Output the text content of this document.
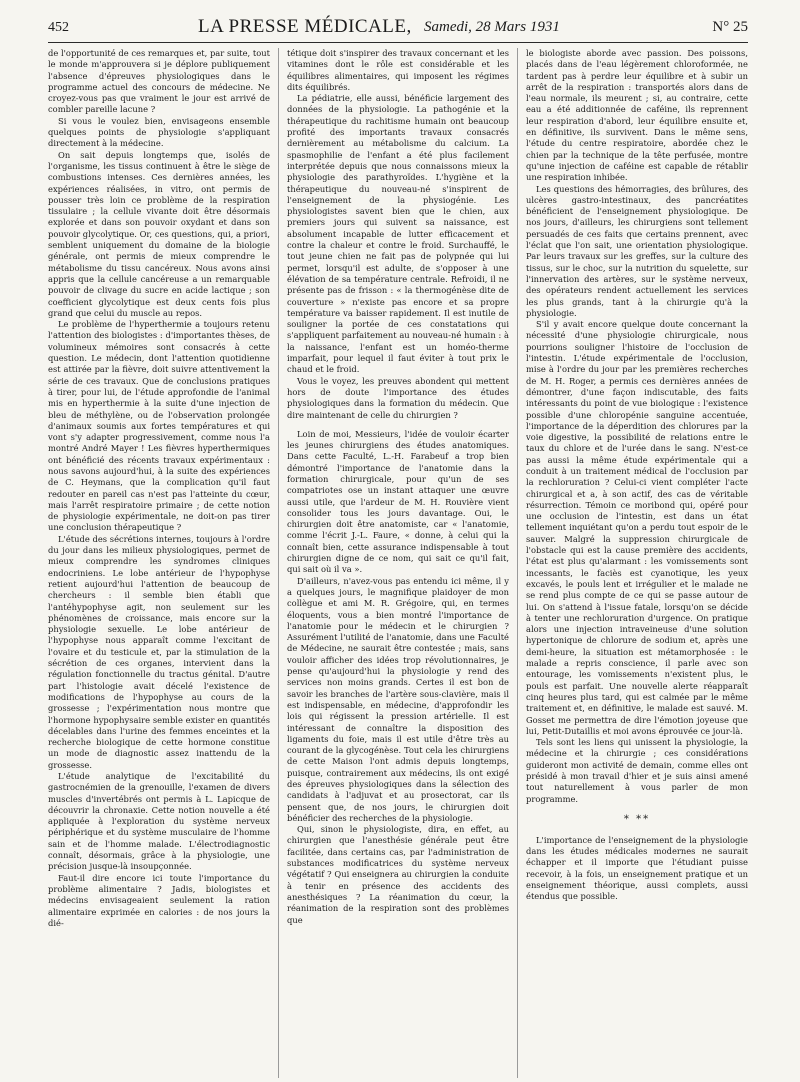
452	LA PRESSE MÉDICALE, Samedi, 28 Mars 1931	N° 25

de l'opportunité de ces remarques et, par suite, tout le monde m'approuvera si je déplore publiquement l'absence d'épreuves physiologiques dans le programme actuel des concours de médecine. Ne croyez-vous pas que vraiment le jour est arrivé de combler pareille lacune ?

Si vous le voulez bien, envisageons ensemble quelques points de physiologie s'appliquant directement à la médecine.

On sait depuis longtemps que, isolés de l'organisme, les tissus continuent à être le siège de combustions intenses. Ces dernières années, les expériences réalisées, in vitro, ont permis de pousser très loin ce problème de la respiration tissulaire ; la cellule vivante doit être désormais explorée et dans son pouvoir oxydant et dans son pouvoir glycolytique. Or, ces questions, qui, a priori, semblent uniquement du domaine de la biologie générale, ont permis de mieux comprendre le métabolisme du tissu cancéreux. Nous avons ainsi appris que la cellule cancéreuse a un remarquable pouvoir de clivage du sucre en acide lactique ; son coefficient glycolytique est deux cents fois plus grand que celui du muscle au repos.

Le problème de l'hyperthermie a toujours retenu l'attention des biologistes : d'importantes thèses, de volumineux mémoires sont consacrés à cette question. Le médecin, dont l'attention quotidienne est attirée par la fièvre, doit suivre attentivement la série de ces travaux. Que de conclusions pratiques à tirer, pour lui, de l'étude approfondie de l'animal mis en hyperthermie à la suite d'une injection de bleu de méthylène, ou de l'observation prolongée d'animaux soumis aux fortes températures et qui vont s'y adapter progressivement, comme nous l'a montré André Mayer ! Les fièvres hyperthermiques ont bénéficié des récents travaux expérimentaux : nous savons aujourd'hui, à la suite des expériences de C. Heymans, que la complication qu'il faut redouter en pareil cas n'est pas l'atteinte du cœur, mais l'arrêt respiratoire primaire ; de cette notion de physiologie expérimentale, ne doit-on pas tirer une conclusion thérapeutique ?

L'étude des sécrétions internes, toujours à l'ordre du jour dans les milieux physiologiques, permet de mieux comprendre les syndromes cliniques endocriniens. Le lobe antérieur de l'hypophyse retient aujourd'hui l'attention de beaucoup de chercheurs : il semble bien établi que l'antéhypophyse agit, non seulement sur les phénomènes de croissance, mais encore sur la physiologie sexuelle. Le lobe antérieur de l'hypophyse nous apparaît comme l'excitant de l'ovaire et du testicule et, par la stimulation de la sécrétion de ces organes, intervient dans la régulation fonctionnelle du tractus génital. D'autre part l'histologie avait décelé l'existence de modifications de l'hypophyse au cours de la grossesse ; l'expérimentation nous montre que l'hormone hypophysaire semble exister en quantités décelables dans l'urine des femmes enceintes et la recherche biologique de cette hormone constitue un mode de diagnostic assez inattendu de la grossesse.

L'étude analytique de l'excitabilité du gastrocnémien de la grenouille, l'examen de divers muscles d'invertébrés ont permis à L. Lapicque de découvrir la chronaxie. Cette notion nouvelle a été appliquée à l'exploration du système nerveux périphérique et du système musculaire de l'homme sain et de l'homme malade. L'électrodiagnostic connaît, désormais, grâce à la physiologie, une précision jusque-là insoupçonnée.

Faut-il dire encore ici toute l'importance du problème alimentaire ? Jadis, biologistes et médecins envisageaient seulement la ration alimentaire exprimée en calories : de nos jours la dié-

tétique doit s'inspirer des travaux concernant et les vitamines dont le rôle est considérable et les équilibres alimentaires, qui imposent les régimes dits équilibrés.

La pédiatrie, elle aussi, bénéficie largement des données de la physiologie. La pathogénie et la thérapeutique du rachitisme humain ont beaucoup profité des importants travaux consacrés dernièrement au métabolisme du calcium. La spasmophilie de l'enfant a été plus facilement interprétée depuis que nous connaissons mieux la physiologie des parathyroïdes. L'hygiène et la thérapeutique du nouveau-né s'inspirent de l'enseignement de la physiogénie. Les physiologistes savent bien que le chien, aux premiers jours qui suivent sa naissance, est absolument incapable de lutter efficacement et contre la chaleur et contre le froid. Surchauffé, le tout jeune chien ne fait pas de polypnée qui lui permet, lorsqu'il est adulte, de s'opposer à une élévation de sa température centrale. Refroidi, il ne présente pas de frisson : « la thermogénèse dite de couverture » n'existe pas encore et sa propre température va baisser rapidement. Il est inutile de souligner la portée de ces constatations qui s'appliquent parfaitement au nouveau-né humain : à la naissance, l'enfant est un homéo-therme imparfait, pour lequel il faut éviter à tout prix le chaud et le froid.

Vous le voyez, les preuves abondent qui mettent hors de doute l'importance des études physiologiques dans la formation du médecin. Que dire maintenant de celle du chirurgien ?

Loin de moi, Messieurs, l'idée de vouloir écarter les jeunes chirurgiens des études anatomiques. Dans cette Faculté, L.-H. Farabeuf a trop bien démontré l'importance de l'anatomie dans la formation chirurgicale, pour qu'un de ses compatriotes ose un instant attaquer une œuvre aussi utile, que l'ardeur de M. H. Rouvière vient consolider tous les jours davantage. Oui, le chirurgien doit être anatomiste, car « l'anatomie, comme l'écrit J.-L. Faure, « donne, à celui qui la connaît bien, cette assurance indispensable à tout chirurgien digne de ce nom, qui sait ce qu'il fait, qui sait où il va ».

D'ailleurs, n'avez-vous pas entendu ici même, il y a quelques jours, le magnifique plaidoyer de mon collègue et ami M. R. Grégoire, qui, en termes éloquents, vous a bien montré l'importance de l'anatomie pour le médecin et le chirurgien ? Assurément l'utilité de l'anatomie, dans une Faculté de Médecine, ne saurait être contestée ; mais, sans vouloir afficher des idées trop révolutionnaires, je pense qu'aujourd'hui la physiologie y rend des services non moins grands. Certes il est bon de savoir les branches de l'artère sous-clavière, mais il est indispensable, en médecine, d'approfondir les lois qui régissent la pression artérielle. Il est intéressant de connaître la disposition des ligaments du foie, mais il est utile d'être très au courant de la glycogénèse. Tout cela les chirurgiens de cette Maison l'ont admis depuis longtemps, puisque, contrairement aux médecins, ils ont exigé des épreuves physiologiques dans la sélection des candidats à l'adjuvat et au prosectorat, car ils pensent que, de nos jours, le chirurgien doit bénéficier des recherches de la physiologie.

Qui, sinon le physiologiste, dira, en effet, au chirurgien que l'anesthésie générale peut être facilitée, dans certains cas, par l'administration de substances modificatrices du système nerveux végétatif ? Qui enseignera au chirurgien la conduite à tenir en présence des accidents des anesthésiques ? La réanimation du cœur, la réanimation de la respiration sont des problèmes que

le biologiste aborde avec passion. Des poissons, placés dans de l'eau légèrement chloroformée, ne tardent pas à perdre leur équilibre et à subir un arrêt de la respiration : transportés alors dans de l'eau normale, ils meurent ; si, au contraire, cette eau a été additionnée de caféine, ils reprennent leur respiration d'abord, leur équilibre ensuite et, en définitive, ils survivent. Dans le même sens, l'étude du centre respiratoire, abordée chez le chien par la technique de la tête perfusée, montre qu'une injection de caféine est capable de rétablir une respiration inhibée.

Les questions des hémorragies, des brûlures, des ulcères gastro-intestinaux, des pancréatites bénéficient de l'enseignement physiologique. De nos jours, d'ailleurs, les chirurgiens sont tellement persuadés de ces faits que certains prennent, avec l'éclat que l'on sait, une orientation physiologique. Par leurs travaux sur les greffes, sur la culture des tissus, sur le choc, sur la nutrition du squelette, sur l'innervation des artères, sur le système nerveux, des opérateurs rendent actuellement les services les plus grands, tant à la chirurgie qu'à la physiologie.

S'il y avait encore quelque doute concernant la nécessité d'une physiologie chirurgicale, nous pourrions souligner l'histoire de l'occlusion de l'intestin. L'étude expérimentale de l'occlusion, mise à l'ordre du jour par les premières recherches de M. H. Roger, a permis ces dernières années de démontrer, d'une façon indiscutable, des faits intéressants du point de vue biologique : l'existence possible d'une chloropénie sanguine accentuée, l'importance de la déperdition des chlorures par la voie digestive, la possibilité de relations entre le taux du chlore et de l'urée dans le sang. N'est-ce pas aussi la même étude expérimentale qui a conduit à un traitement médical de l'occlusion par la rechloruration ? Celui-ci vient compléter l'acte chirurgical et a, à son actif, des cas de véritable résurrection. Témoin ce moribond qui, opéré pour une occlusion de l'intestin, est dans un état tellement inquiétant qu'on a perdu tout espoir de le sauver. Malgré la suppression chirurgicale de l'obstacle qui est la cause première des accidents, l'état est plus qu'alarmant : les vomissements sont incessants, le faciès est cyanotique, les yeux excavés, le pouls lent et irrégulier et le malade ne se rend plus compte de ce qui se passe autour de lui. On s'attend à l'issue fatale, lorsqu'on se décide à tenter une rechloruration d'urgence. On pratique alors une injection intraveineuse d'une solution hypertonique de chlorure de sodium et, après une demi-heure, la situation est métamorphosée : le malade a repris conscience, il parle avec son entourage, les vomissements n'existent plus, le pouls est parfait. Une nouvelle alerte réapparaît cinq heures plus tard, qui est calmée par le même traitement et, en définitive, le malade est sauvé. M. Gosset me permettra de dire l'émotion joyeuse que lui, Petit-Dutaillis et moi avons éprouvée ce jour-là.

Tels sont les liens qui unissent la physiologie, la médecine et la chirurgie ; ces considérations guideront mon activité de demain, comme elles ont présidé à mon travail d'hier et je suis ainsi amené tout naturellement à vous parler de mon programme.

* **

L'importance de l'enseignement de la physiologie dans les études médicales modernes ne saurait échapper et il importe que l'étudiant puisse recevoir, à la fois, un enseignement pratique et un enseignement théorique, aussi complets, aussi étendus que possible.
